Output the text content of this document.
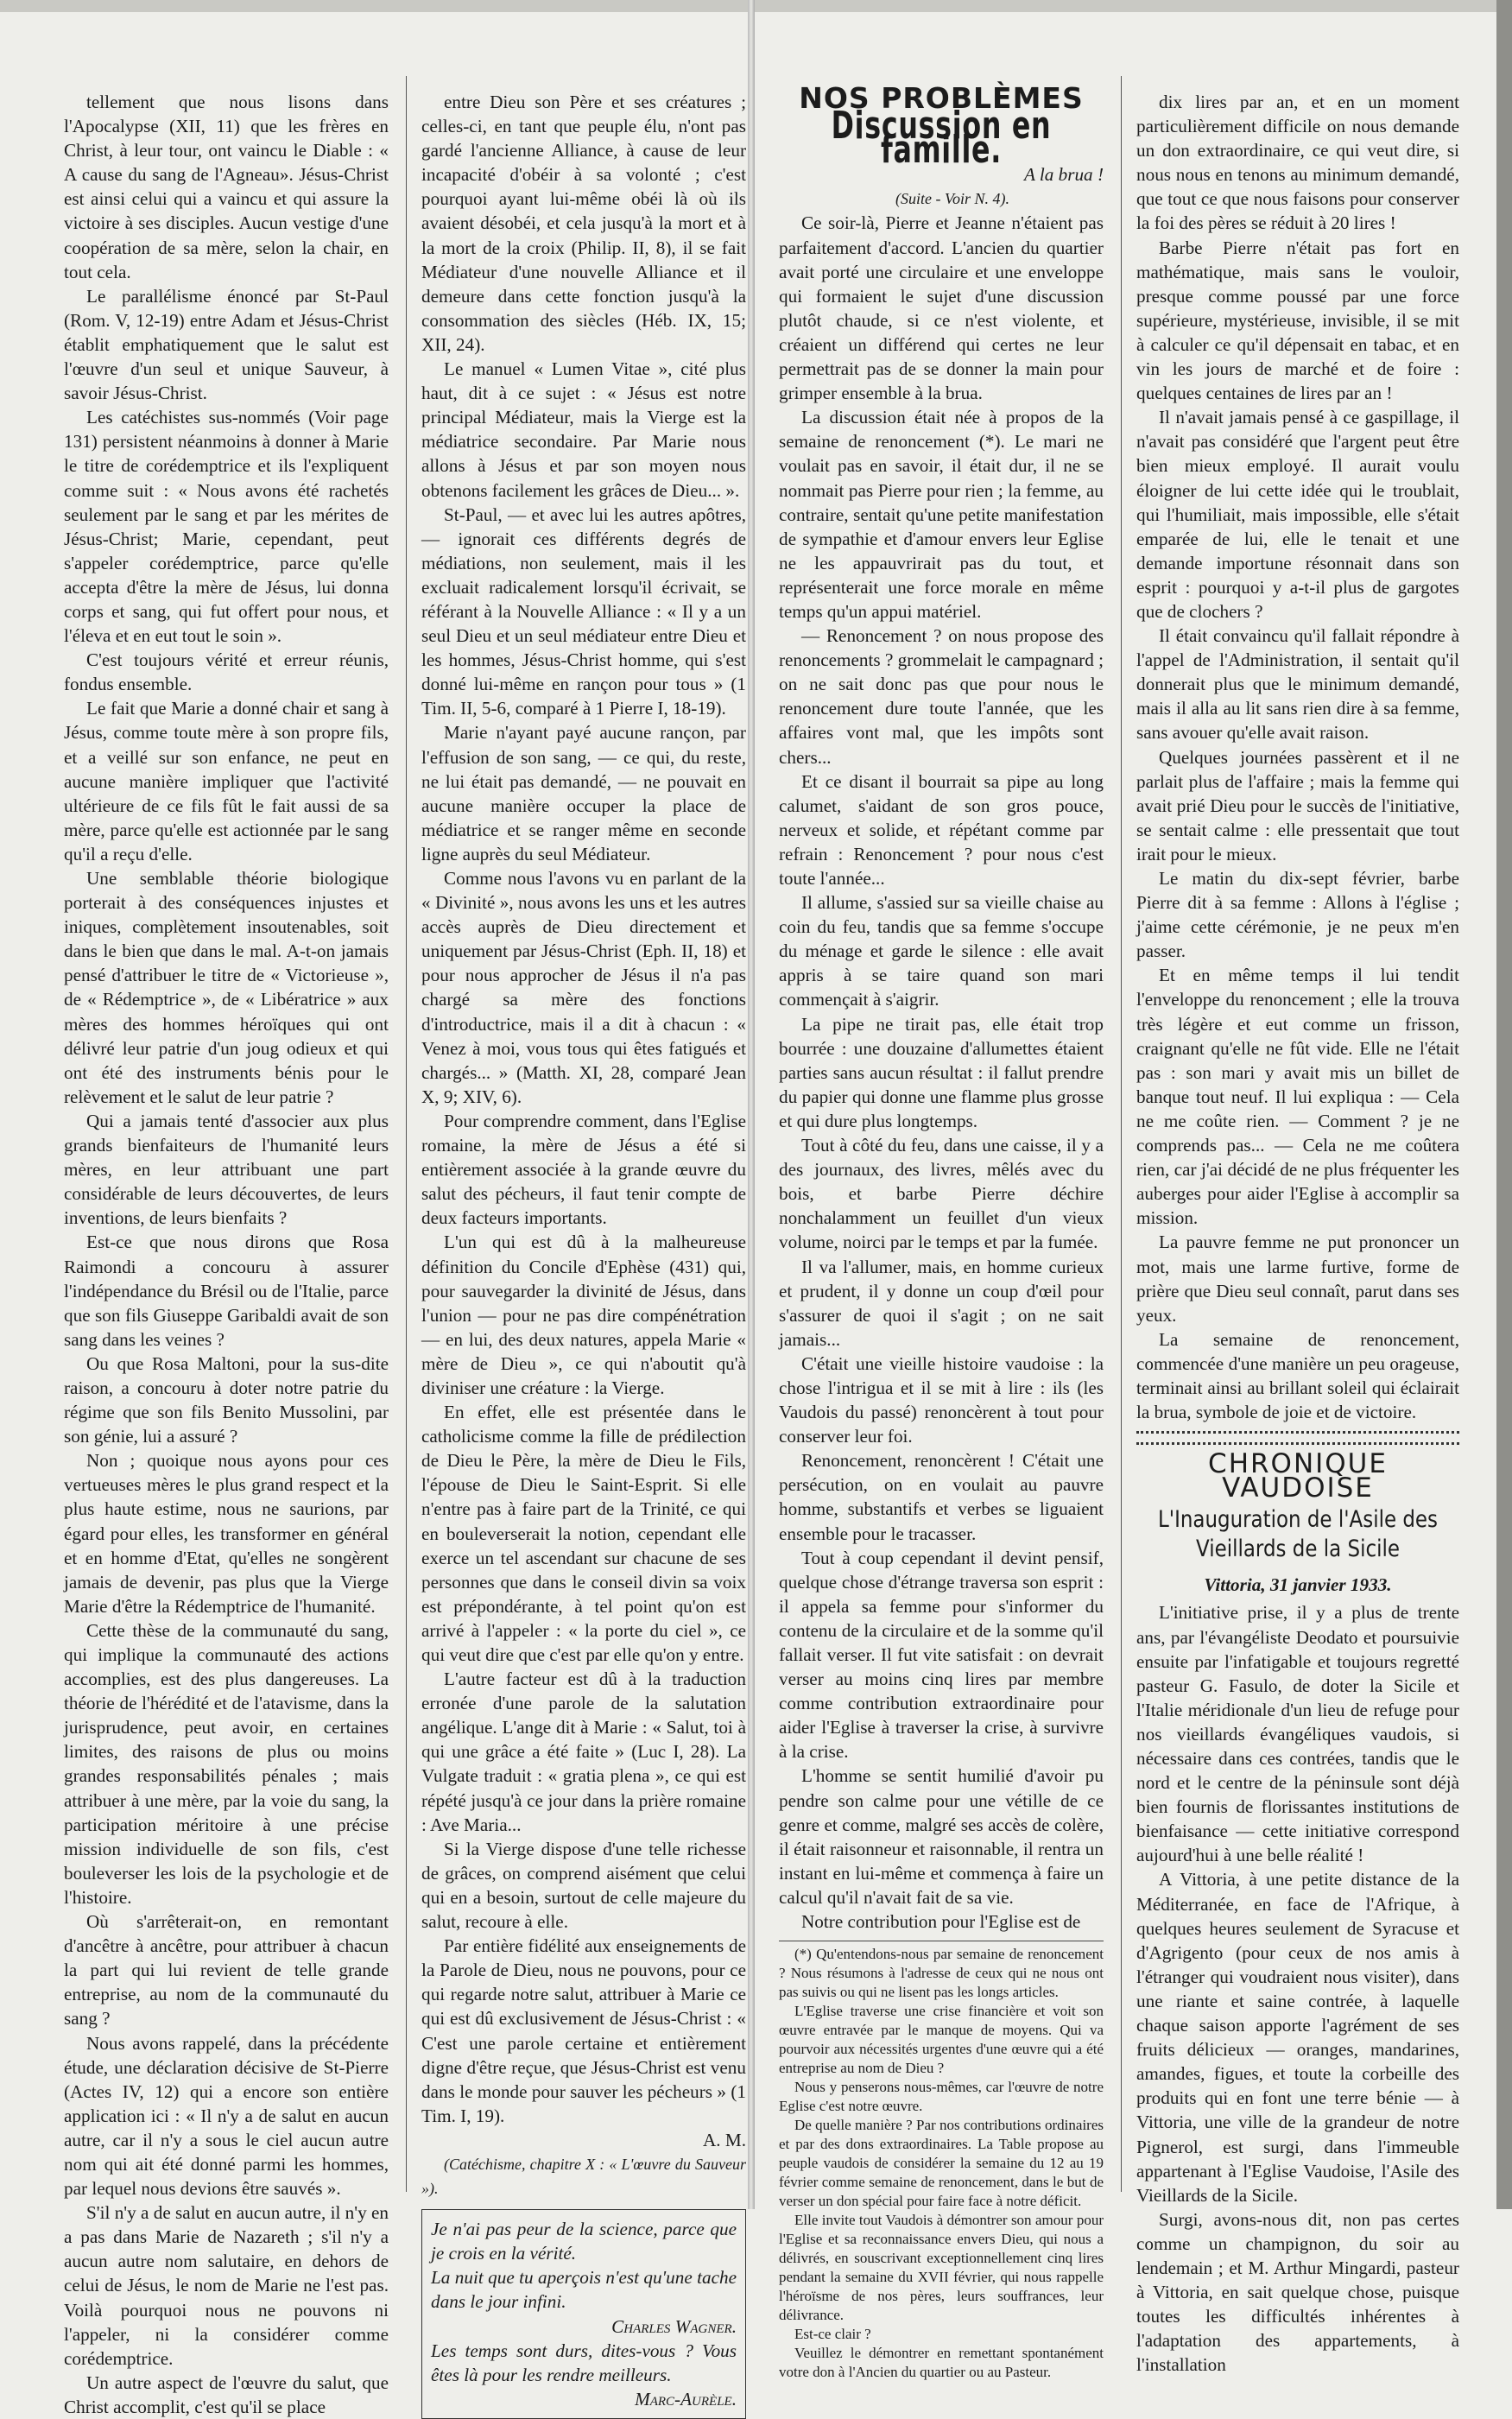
tellement que nous lisons dans l'Apocalypse (XII, 11) que les frères en Christ, à leur tour, ont vaincu le Diable : « A cause du sang de l'Agneau». Jésus-Christ est ainsi celui qui a vaincu et qui assure la victoire à ses disciples. Aucun vestige d'une coopération de sa mère, selon la chair, en tout cela.

Le parallélisme énoncé par St-Paul (Rom. V, 12-19) entre Adam et Jésus-Christ établit emphatiquement que le salut est l'œuvre d'un seul et unique Sauveur, à savoir Jésus-Christ.

Les catéchistes sus-nommés (Voir page 131) persistent néanmoins à donner à Marie le titre de corédemptrice et ils l'expliquent comme suit : « Nous avons été rachetés seulement par le sang et par les mérites de Jésus-Christ; Marie, cependant, peut s'appeler corédemptrice, parce qu'elle accepta d'être la mère de Jésus, lui donna corps et sang, qui fut offert pour nous, et l'éleva et en eut tout le soin ».

C'est toujours vérité et erreur réunis, fondus ensemble.

Le fait que Marie a donné chair et sang à Jésus, comme toute mère à son propre fils, et a veillé sur son enfance, ne peut en aucune manière impliquer que l'activité ultérieure de ce fils fût le fait aussi de sa mère, parce qu'elle est actionnée par le sang qu'il a reçu d'elle.

Une semblable théorie biologique porterait à des conséquences injustes et iniques, complètement insoutenables, soit dans le bien que dans le mal. A-t-on jamais pensé d'attribuer le titre de « Victorieuse », de « Rédemptrice », de « Libératrice » aux mères des hommes héroïques qui ont délivré leur patrie d'un joug odieux et qui ont été des instruments bénis pour le relèvement et le salut de leur patrie ?

Qui a jamais tenté d'associer aux plus grands bienfaiteurs de l'humanité leurs mères, en leur attribuant une part considérable de leurs découvertes, de leurs inventions, de leurs bienfaits ?

Est-ce que nous dirons que Rosa Raimondi a concouru à assurer l'indépendance du Brésil ou de l'Italie, parce que son fils Giuseppe Garibaldi avait de son sang dans les veines ?

Ou que Rosa Maltoni, pour la sus-dite raison, a concouru à doter notre patrie du régime que son fils Benito Mussolini, par son génie, lui a assuré ?

Non ; quoique nous ayons pour ces vertueuses mères le plus grand respect et la plus haute estime, nous ne saurions, par égard pour elles, les transformer en général et en homme d'Etat, qu'elles ne songèrent jamais de devenir, pas plus que la Vierge Marie d'être la Rédemptrice de l'humanité.

Cette thèse de la communauté du sang, qui implique la communauté des actions accomplies, est des plus dangereuses. La théorie de l'hérédité et de l'atavisme, dans la jurisprudence, peut avoir, en certaines limites, des raisons de plus ou moins grandes responsabilités pénales ; mais attribuer à une mère, par la voie du sang, la participation méritoire à une précise mission individuelle de son fils, c'est bouleverser les lois de la psychologie et de l'histoire.

Où s'arrêterait-on, en remontant d'ancêtre à ancêtre, pour attribuer à chacun la part qui lui revient de telle grande entreprise, au nom de la communauté du sang ?

Nous avons rappelé, dans la précédente étude, une déclaration décisive de St-Pierre (Actes IV, 12) qui a encore son entière application ici : « Il n'y a de salut en aucun autre, car il n'y a sous le ciel aucun autre nom qui ait été donné parmi les hommes, par lequel nous devions être sauvés ».

S'il n'y a de salut en aucun autre, il n'y en a pas dans Marie de Nazareth ; s'il n'y a aucun autre nom salutaire, en dehors de celui de Jésus, le nom de Marie ne l'est pas. Voilà pourquoi nous ne pouvons ni l'appeler, ni la considérer comme corédemptrice.

Un autre aspect de l'œuvre du salut, que Christ accomplit, c'est qu'il se place

entre Dieu son Père et ses créatures ; celles-ci, en tant que peuple élu, n'ont pas gardé l'ancienne Alliance, à cause de leur incapacité d'obéir à sa volonté ; c'est pourquoi ayant lui-même obéi là où ils avaient désobéi, et cela jusqu'à la mort et à la mort de la croix (Philip. II, 8), il se fait Médiateur d'une nouvelle Alliance et il demeure dans cette fonction jusqu'à la consommation des siècles (Héb. IX, 15; XII, 24).

Le manuel « Lumen Vitae », cité plus haut, dit à ce sujet : « Jésus est notre principal Médiateur, mais la Vierge est la médiatrice secondaire. Par Marie nous allons à Jésus et par son moyen nous obtenons facilement les grâces de Dieu... ».

St-Paul, — et avec lui les autres apôtres, — ignorait ces différents degrés de médiations, non seulement, mais il les excluait radicalement lorsqu'il écrivait, se référant à la Nouvelle Alliance : « Il y a un seul Dieu et un seul médiateur entre Dieu et les hommes, Jésus-Christ homme, qui s'est donné lui-même en rançon pour tous » (1 Tim. II, 5-6, comparé à 1 Pierre I, 18-19).

Marie n'ayant payé aucune rançon, par l'effusion de son sang, — ce qui, du reste, ne lui était pas demandé, — ne pouvait en aucune manière occuper la place de médiatrice et se ranger même en seconde ligne auprès du seul Médiateur.

Comme nous l'avons vu en parlant de la « Divinité », nous avons les uns et les autres accès auprès de Dieu directement et uniquement par Jésus-Christ (Eph. II, 18) et pour nous approcher de Jésus il n'a pas chargé sa mère des fonctions d'introductrice, mais il a dit à chacun : « Venez à moi, vous tous qui êtes fatigués et chargés... » (Matth. XI, 28, comparé Jean X, 9; XIV, 6).

Pour comprendre comment, dans l'Eglise romaine, la mère de Jésus a été si entièrement associée à la grande œuvre du salut des pécheurs, il faut tenir compte de deux facteurs importants.

L'un qui est dû à la malheureuse définition du Concile d'Ephèse (431) qui, pour sauvegarder la divinité de Jésus, dans l'union — pour ne pas dire compénétration — en lui, des deux natures, appela Marie « mère de Dieu », ce qui n'aboutit qu'à diviniser une créature : la Vierge.

En effet, elle est présentée dans le catholicisme comme la fille de prédilection de Dieu le Père, la mère de Dieu le Fils, l'épouse de Dieu le Saint-Esprit. Si elle n'entre pas à faire part de la Trinité, ce qui en bouleverserait la notion, cependant elle exerce un tel ascendant sur chacune de ses personnes que dans le conseil divin sa voix est prépondérante, à tel point qu'on est arrivé à l'appeler : « la porte du ciel », ce qui veut dire que c'est par elle qu'on y entre.

L'autre facteur est dû à la traduction erronée d'une parole de la salutation angélique. L'ange dit à Marie : « Salut, toi à qui une grâce a été faite » (Luc I, 28). La Vulgate traduit : « gratia plena », ce qui est répété jusqu'à ce jour dans la prière romaine : Ave Maria...

Si la Vierge dispose d'une telle richesse de grâces, on comprend aisément que celui qui en a besoin, surtout de celle majeure du salut, recoure à elle.

Par entière fidélité aux enseignements de la Parole de Dieu, nous ne pouvons, pour ce qui regarde notre salut, attribuer à Marie ce qui est dû exclusivement de Jésus-Christ : « C'est une parole certaine et entièrement digne d'être reçue, que Jésus-Christ est venu dans le monde pour sauver les pécheurs » (1 Tim. I, 19).

A. M.

(Catéchisme, chapitre X : « L'œuvre du Sauveur »).

Je n'ai pas peur de la science, parce que je crois en la vérité.

La nuit que tu aperçois n'est qu'une tache dans le jour infini.

Charles Wagner.

Les temps sont durs, dites-vous ? Vous êtes là pour les rendre meilleurs.

Marc-Aurèle.

NOS PROBLÈMES
Discussion en famille.

A la brua !

(Suite - Voir N. 4).

Ce soir-là, Pierre et Jeanne n'étaient pas parfaitement d'accord. L'ancien du quartier avait porté une circulaire et une enveloppe qui formaient le sujet d'une discussion plutôt chaude, si ce n'est violente, et créaient un différend qui certes ne leur permettrait pas de se donner la main pour grimper ensemble à la brua.

La discussion était née à propos de la semaine de renoncement (*). Le mari ne voulait pas en savoir, il était dur, il ne se nommait pas Pierre pour rien ; la femme, au contraire, sentait qu'une petite manifestation de sympathie et d'amour envers leur Eglise ne les appauvrirait pas du tout, et représenterait une force morale en même temps qu'un appui matériel.

— Renoncement ? on nous propose des renoncements ? grommelait le campagnard ; on ne sait donc pas que pour nous le renoncement dure toute l'année, que les affaires vont mal, que les impôts sont chers...

Et ce disant il bourrait sa pipe au long calumet, s'aidant de son gros pouce, nerveux et solide, et répétant comme par refrain : Renoncement ? pour nous c'est toute l'année...

Il allume, s'assied sur sa vieille chaise au coin du feu, tandis que sa femme s'occupe du ménage et garde le silence : elle avait appris à se taire quand son mari commençait à s'aigrir.

La pipe ne tirait pas, elle était trop bourrée : une douzaine d'allumettes étaient parties sans aucun résultat : il fallut prendre du papier qui donne une flamme plus grosse et qui dure plus longtemps.

Tout à côté du feu, dans une caisse, il y a des journaux, des livres, mêlés avec du bois, et barbe Pierre déchire nonchalamment un feuillet d'un vieux volume, noirci par le temps et par la fumée.

Il va l'allumer, mais, en homme curieux et prudent, il y donne un coup d'œil pour s'assurer de quoi il s'agit ; on ne sait jamais...

C'était une vieille histoire vaudoise : la chose l'intrigua et il se mit à lire : ils (les Vaudois du passé) renoncèrent à tout pour conserver leur foi.

Renoncement, renoncèrent ! C'était une persécution, on en voulait au pauvre homme, substantifs et verbes se liguaient ensemble pour le tracasser.

Tout à coup cependant il devint pensif, quelque chose d'étrange traversa son esprit : il appela sa femme pour s'informer du contenu de la circulaire et de la somme qu'il fallait verser. Il fut vite satisfait : on devrait verser au moins cinq lires par membre comme contribution extraordinaire pour aider l'Eglise à traverser la crise, à survivre à la crise.

L'homme se sentit humilié d'avoir pu pendre son calme pour une vétille de ce genre et comme, malgré ses accès de colère, il était raisonneur et raisonnable, il rentra un instant en lui-même et commença à faire un calcul qu'il n'avait fait de sa vie.

Notre contribution pour l'Eglise est de

(*) Qu'entendons-nous par semaine de renoncement ? Nous résumons à l'adresse de ceux qui ne nous ont pas suivis ou qui ne lisent pas les longs articles.

L'Eglise traverse une crise financière et voit son œuvre entravée par le manque de moyens. Qui va pourvoir aux nécessités urgentes d'une œuvre qui a été entreprise au nom de Dieu ?

Nous y penserons nous-mêmes, car l'œuvre de notre Eglise c'est notre œuvre.

De quelle manière ? Par nos contributions ordinaires et par des dons extraordinaires. La Table propose au peuple vaudois de considérer la semaine du 12 au 19 février comme semaine de renoncement, dans le but de verser un don spécial pour faire face à notre déficit.

Elle invite tout Vaudois à démontrer son amour pour l'Eglise et sa reconnaissance envers Dieu, qui nous a délivrés, en souscrivant exceptionnellement cinq lires pendant la semaine du XVII février, qui nous rappelle l'héroïsme de nos pères, leurs souffrances, leur délivrance.

Est-ce clair ?

Veuillez le démontrer en remettant spontanément votre don à l'Ancien du quartier ou au Pasteur.

dix lires par an, et en un moment particulièrement difficile on nous demande un don extraordinaire, ce qui veut dire, si nous nous en tenons au minimum demandé, que tout ce que nous faisons pour conserver la foi des pères se réduit à 20 lires !

Barbe Pierre n'était pas fort en mathématique, mais sans le vouloir, presque comme poussé par une force supérieure, mystérieuse, invisible, il se mit à calculer ce qu'il dépensait en tabac, et en vin les jours de marché et de foire : quelques centaines de lires par an !

Il n'avait jamais pensé à ce gaspillage, il n'avait pas considéré que l'argent peut être bien mieux employé. Il aurait voulu éloigner de lui cette idée qui le troublait, qui l'humiliait, mais impossible, elle s'était emparée de lui, elle le tenait et une demande importune résonnait dans son esprit : pourquoi y a-t-il plus de gargotes que de clochers ?

Il était convaincu qu'il fallait répondre à l'appel de l'Administration, il sentait qu'il donnerait plus que le minimum demandé, mais il alla au lit sans rien dire à sa femme, sans avouer qu'elle avait raison.

Quelques journées passèrent et il ne parlait plus de l'affaire ; mais la femme qui avait prié Dieu pour le succès de l'initiative, se sentait calme : elle pressentait que tout irait pour le mieux.

Le matin du dix-sept février, barbe Pierre dit à sa femme : Allons à l'église ; j'aime cette cérémonie, je ne peux m'en passer.

Et en même temps il lui tendit l'enveloppe du renoncement ; elle la trouva très légère et eut comme un frisson, craignant qu'elle ne fût vide. Elle ne l'était pas : son mari y avait mis un billet de banque tout neuf. Il lui expliqua : — Cela ne me coûte rien. — Comment ? je ne comprends pas... — Cela ne me coûtera rien, car j'ai décidé de ne plus fréquenter les auberges pour aider l'Eglise à accomplir sa mission.

La pauvre femme ne put prononcer un mot, mais une larme furtive, forme de prière que Dieu seul connaît, parut dans ses yeux.

La semaine de renoncement, commencée d'une manière un peu orageuse, terminait ainsi au brillant soleil qui éclairait la brua, symbole de joie et de victoire.

CHRONIQUE VAUDOISE
L'Inauguration de l'Asile des Vieillards de la Sicile
Vittoria, 31 janvier 1933.

L'initiative prise, il y a plus de trente ans, par l'évangéliste Deodato et poursuivie ensuite par l'infatigable et toujours regretté pasteur G. Fasulo, de doter la Sicile et l'Italie méridionale d'un lieu de refuge pour nos vieillards évangéliques vaudois, si nécessaire dans ces contrées, tandis que le nord et le centre de la péninsule sont déjà bien fournis de florissantes institutions de bienfaisance — cette initiative correspond aujourd'hui à une belle réalité !

A Vittoria, à une petite distance de la Méditerranée, en face de l'Afrique, à quelques heures seulement de Syracuse et d'Agrigento (pour ceux de nos amis à l'étranger qui voudraient nous visiter), dans une riante et saine contrée, à laquelle chaque saison apporte l'agrément de ses fruits délicieux — oranges, mandarines, amandes, figues, et toute la corbeille des produits qui en font une terre bénie — à Vittoria, une ville de la grandeur de notre Pignerol, est surgi, dans l'immeuble appartenant à l'Eglise Vaudoise, l'Asile des Vieillards de la Sicile.

Surgi, avons-nous dit, non pas certes comme un champignon, du soir au lendemain ; et M. Arthur Mingardi, pasteur à Vittoria, en sait quelque chose, puisque toutes les difficultés inhérentes à l'adaptation des appartements, à l'installation
